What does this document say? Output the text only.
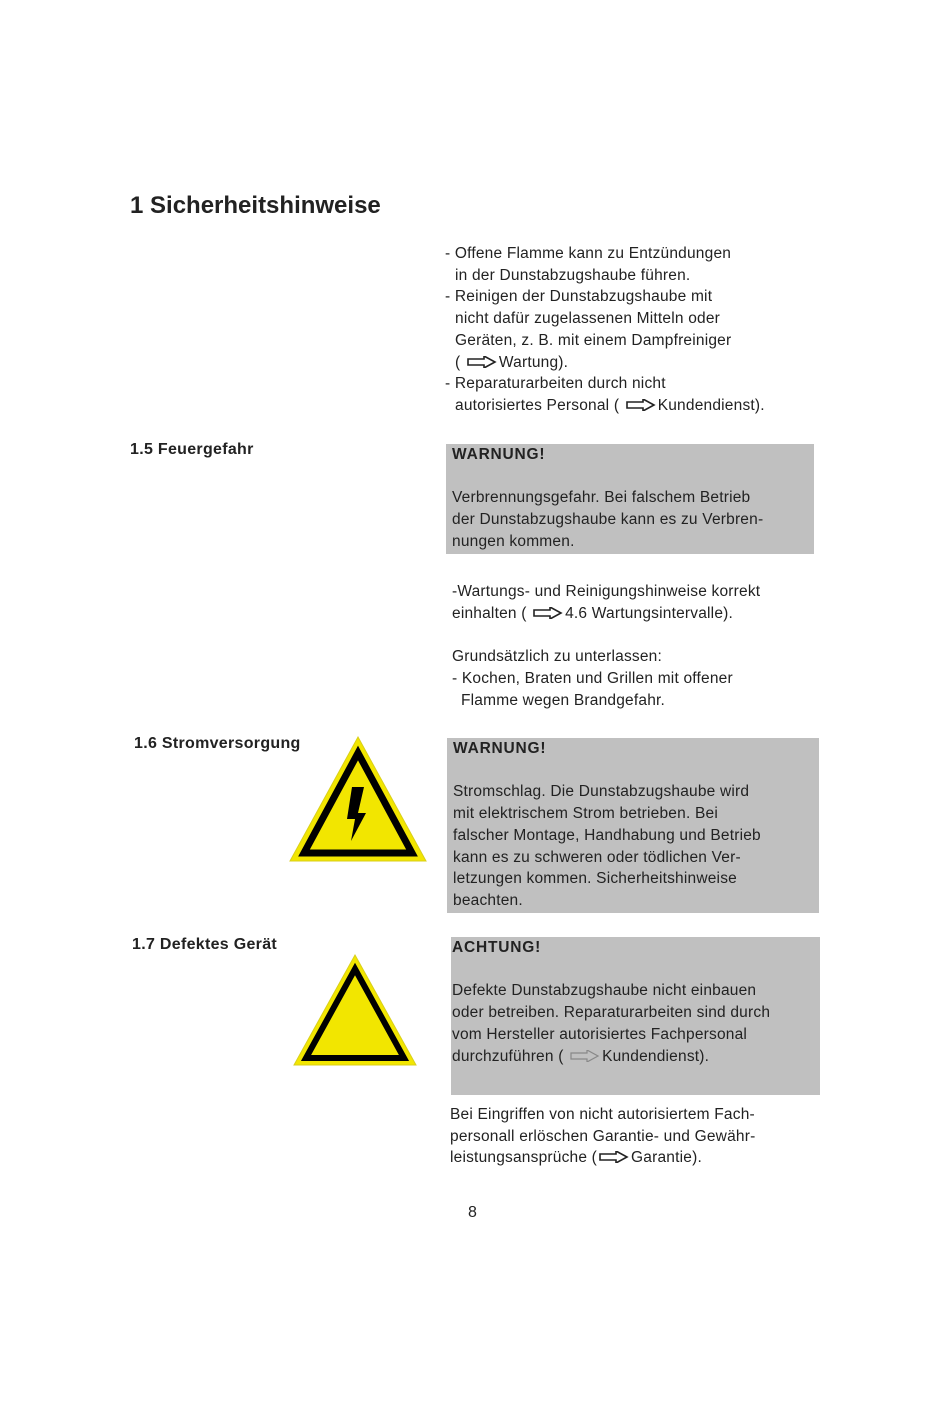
1 Sicherheitshinweise
- Offene Flamme kann zu Entzündungen
in der Dunstabzugshaube führen.
- Reinigen der Dunstabzugshaube mit
nicht dafür zugelassenen Mitteln oder
Geräten, z. B. mit einem Dampfreiniger
( Wartung).
- Reparaturarbeiten durch nicht
autorisiertes Personal ( Kundendienst).
1.5 Feuergefahr	WARNUNG!
Verbrennungsgefahr. Bei falschem Betrieb
der Dunstabzugshaube kann es zu Verbren-
nungen kommen.
-Wartungs- und Reinigungshinweise korrekt
einhalten ( 4.6 Wartungsintervalle).
Grundsätzlich zu unterlassen:
- Kochen, Braten und Grillen mit offener
Flamme wegen Brandgefahr.
1.6 Stromversorgung	WARNUNG!
Stromschlag. Die Dunstabzugshaube wird
mit elektrischem Strom betrieben. Bei
falscher Montage, Handhabung und Betrieb
kann es zu schweren oder tödlichen Ver-
letzungen kommen. Sicherheitshinweise
beachten.
1.7 Defektes Gerät	ACHTUNG!
Defekte Dunstabzugshaube nicht einbauen
oder betreiben. Reparaturarbeiten sind durch
vom Hersteller autorisiertes Fachpersonal
durchzuführen ( Kundendienst).
Bei Eingriffen von nicht autorisiertem Fach-
personall erlöschen Garantie- und Gewähr-
leistungsansprüche ( Garantie).
8
